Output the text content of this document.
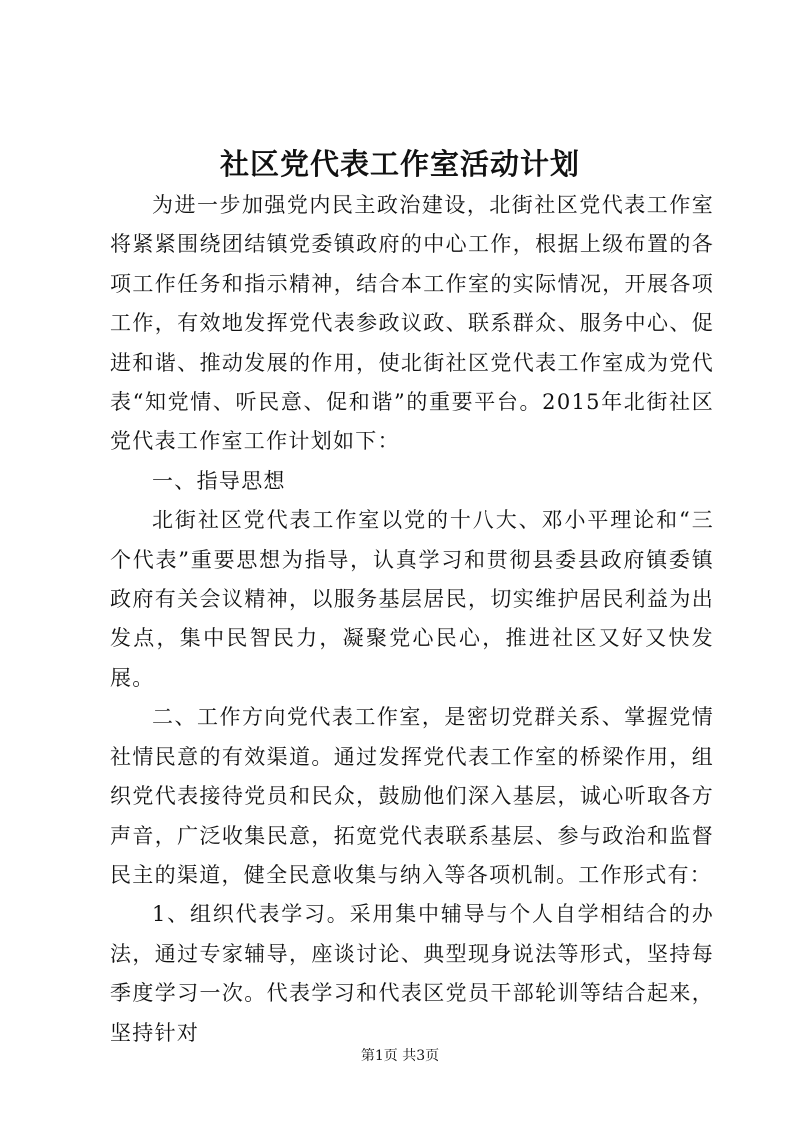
社区党代表工作室活动计划

为进一步加强党内民主政治建设，北街社区党代表工作室将紧紧围绕团结镇党委镇政府的中心工作，根据上级布置的各项工作任务和指示精神，结合本工作室的实际情况，开展各项工作，有效地发挥党代表参政议政、联系群众、服务中心、促进和谐、推动发展的作用，使北街社区党代表工作室成为党代表“知党情、听民意、促和谐”的重要平台。2015年北街社区党代表工作室工作计划如下：

一、指导思想

北街社区党代表工作室以党的十八大、邓小平理论和“三个代表”重要思想为指导，认真学习和贯彻县委县政府镇委镇政府有关会议精神，以服务基层居民，切实维护居民利益为出发点，集中民智民力，凝聚党心民心，推进社区又好又快发展。

二、工作方向党代表工作室，是密切党群关系、掌握党情社情民意的有效渠道。通过发挥党代表工作室的桥梁作用，组织党代表接待党员和民众，鼓励他们深入基层，诚心听取各方声音，广泛收集民意，拓宽党代表联系基层、参与政治和监督民主的渠道，健全民意收集与纳入等各项机制。工作形式有：

1、组织代表学习。采用集中辅导与个人自学相结合的办法，通过专家辅导，座谈讨论、典型现身说法等形式，坚持每季度学习一次。代表学习和代表区党员干部轮训等结合起来，坚持针对

第1页 共3页
